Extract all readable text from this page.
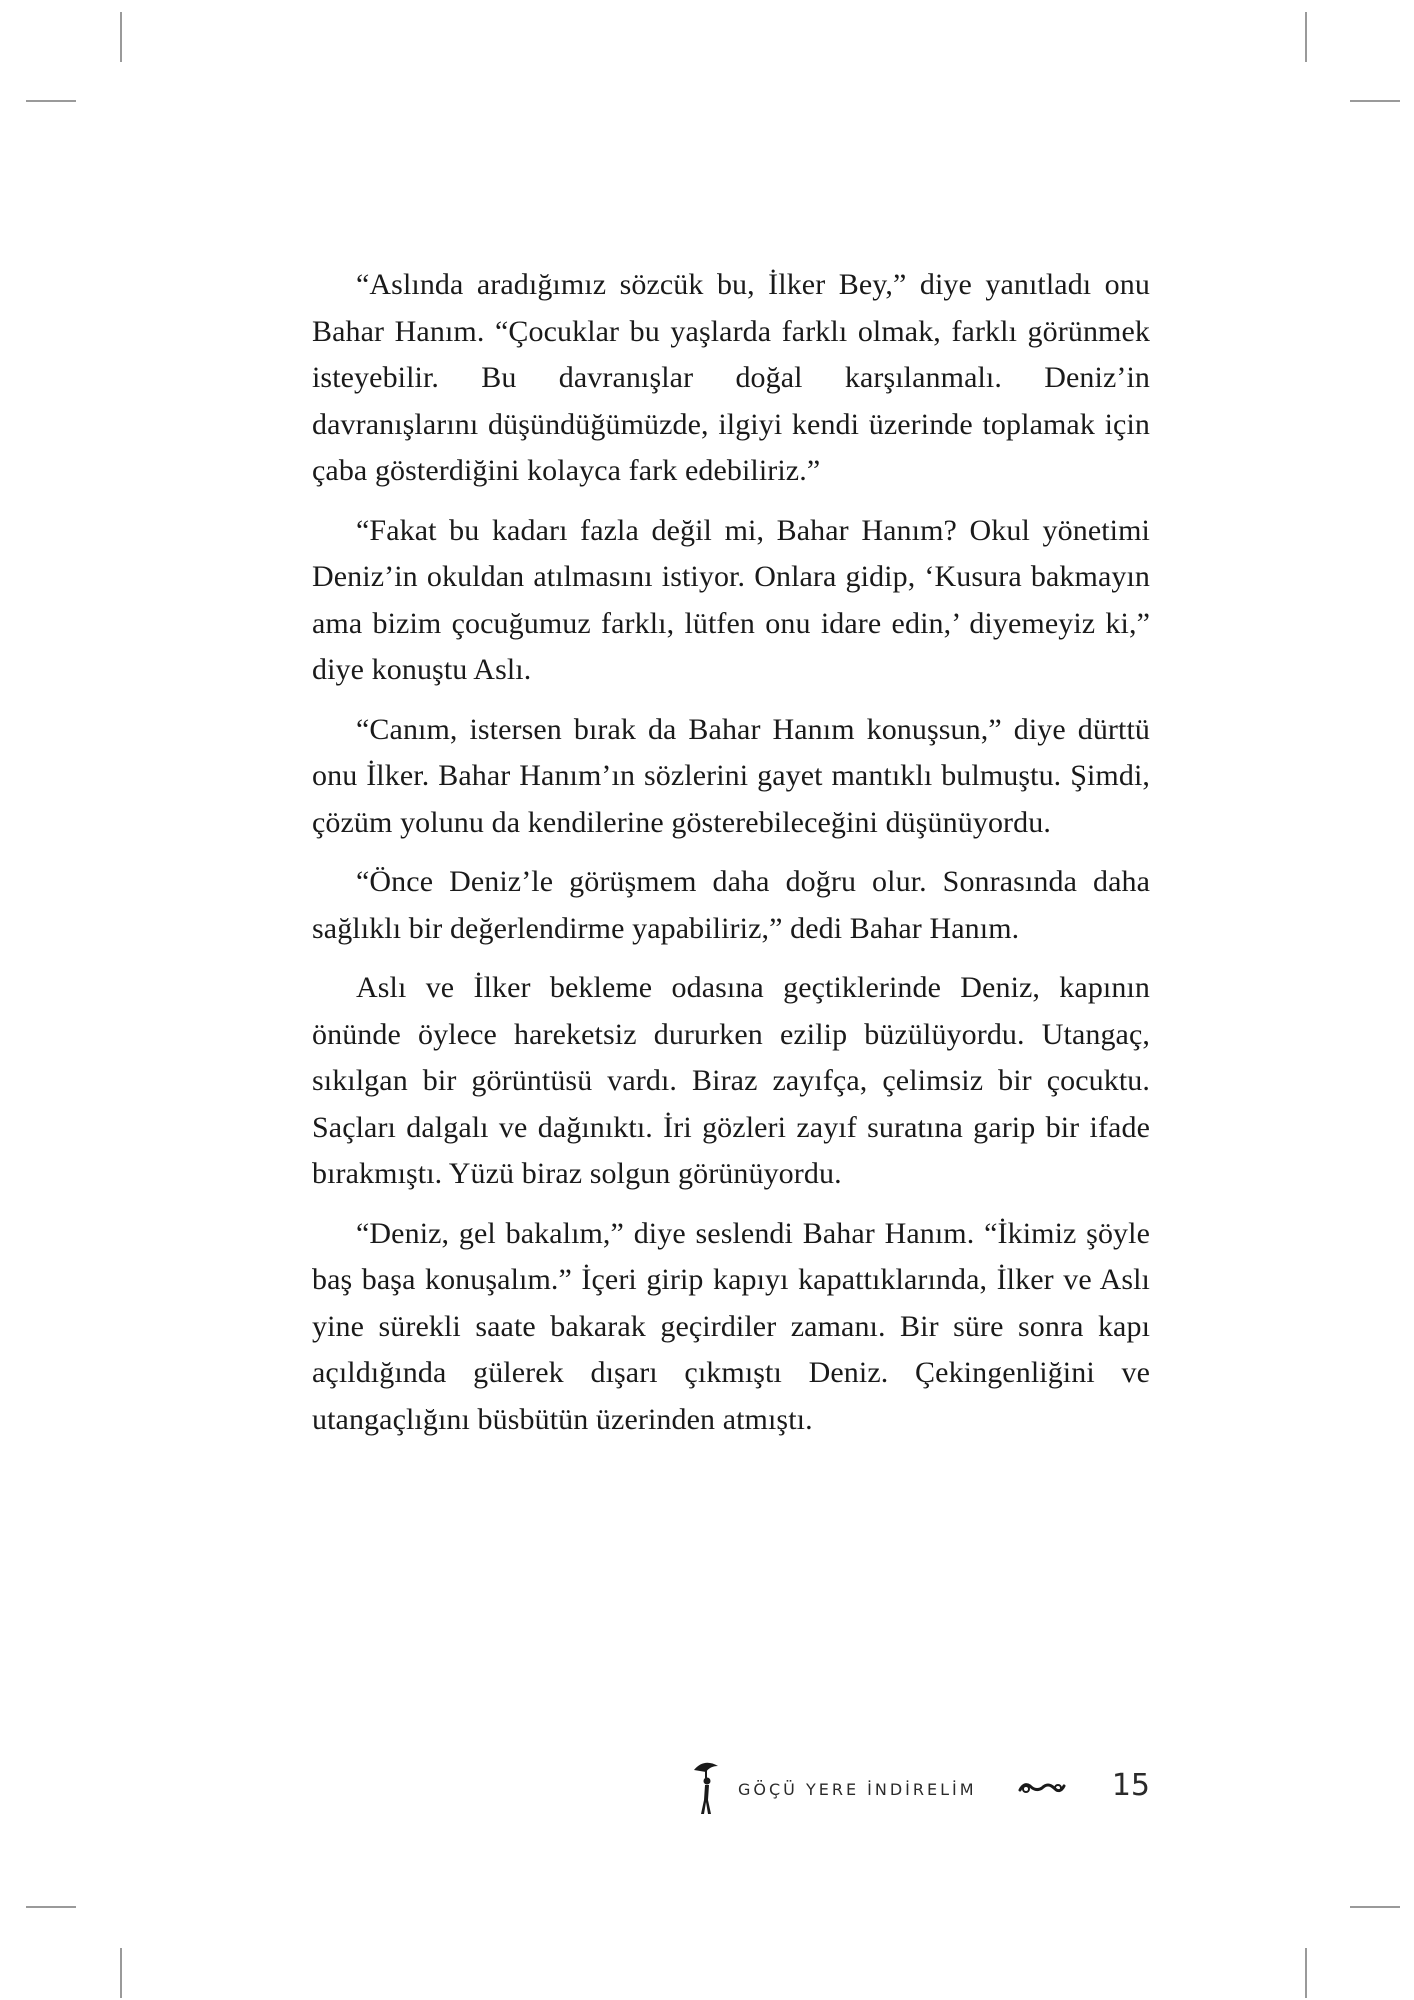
“Aslında aradığımız sözcük bu, İlker Bey,” diye yanıtladı onu Bahar Hanım. “Çocuklar bu yaşlarda farklı olmak, farklı görünmek isteyebilir. Bu davranışlar doğal karşılanmalı. Deniz’in davranışlarını düşündüğümüzde, ilgiyi kendi üzerinde toplamak için çaba gösterdiğini kolayca fark edebiliriz.”

“Fakat bu kadarı fazla değil mi, Bahar Hanım? Okul yönetimi Deniz’in okuldan atılmasını istiyor. Onlara gidip, ‘Kusura bakmayın ama bizim çocuğumuz farklı, lütfen onu idare edin,’ diyemeyiz ki,” diye konuştu Aslı.

“Canım, istersen bırak da Bahar Hanım konuşsun,” diye dürttü onu İlker. Bahar Hanım’ın sözlerini gayet mantıklı bulmuştu. Şimdi, çözüm yolunu da kendilerine gösterebileceğini düşünüyordu.

“Önce Deniz’le görüşmem daha doğru olur. Sonrasında daha sağlıklı bir değerlendirme yapabiliriz,” dedi Bahar Hanım.

Aslı ve İlker bekleme odasına geçtiklerinde Deniz, kapının önünde öylece hareketsiz dururken ezilip büzülüyordu. Utangaç, sıkılgan bir görüntüsü vardı. Biraz zayıfça, çelimsiz bir çocuktu. Saçları dalgalı ve dağınıktı. İri gözleri zayıf suratına garip bir ifade bırakmıştı. Yüzü biraz solgun görünüyordu.

“Deniz, gel bakalım,” diye seslendi Bahar Hanım. “İkimiz şöyle baş başa konuşalım.” İçeri girip kapıyı kapattıklarında, İlker ve Aslı yine sürekli saate bakarak geçirdiler zamanı. Bir süre sonra kapı açıldığında gülerek dışarı çıkmıştı Deniz. Çekingenliğini ve utangaçlığını büsbütün üzerinden atmıştı.

GÖÇÜ YERE İNDİRELİM	15
